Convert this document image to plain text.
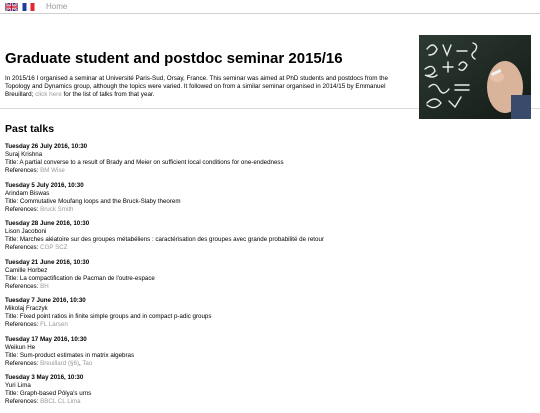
Home
Graduate student and postdoc seminar 2015/16

In 2015/16 I organised a seminar at Université Paris-Sud, Orsay, France. This seminar was aimed at PhD students and postdocs from the Topology and Dynamics group, although the topics were varied. It followed on from a similar seminar organised in 2014/15 by Emmanuel Breuillard; click here for the list of talks from that year.

Past talks
Tuesday 26 July 2016, 10:30
Suraj Krishna
Title: A partial converse to a result of Brady and Meier on sufficient local conditions for one-endedness
References: BM Wise
Tuesday 5 July 2016, 10:30
Arindam Biswas
Title: Commutative Moufang loops and the Bruck-Slaby theorem
References: Bruck Smith
Tuesday 28 June 2016, 10:30
Lison Jacoboni
Title: Marches aléatoire sur des groupes métabéliens : caractérisation des groupes avec grande probabilité de retour
References: CGP SCZ
Tuesday 21 June 2016, 10:30
Camille Horbez
Title: La compactification de Pacman de l'outre-espace
References: BH
Tuesday 7 June 2016, 10:30
Mikolaj Fraczyk
Title: Fixed point ratios in finite simple groups and in compact p-adic groups
References: FL Larsen
Tuesday 17 May 2016, 10:30
Weikun He
Title: Sum-product estimates in matrix algebras
References: Breuillard (§6), Tao
Tuesday 3 May 2016, 10:30
Yuri Lima
Title: Graph-based Pólya's urns
References: BBCL CL Lima
